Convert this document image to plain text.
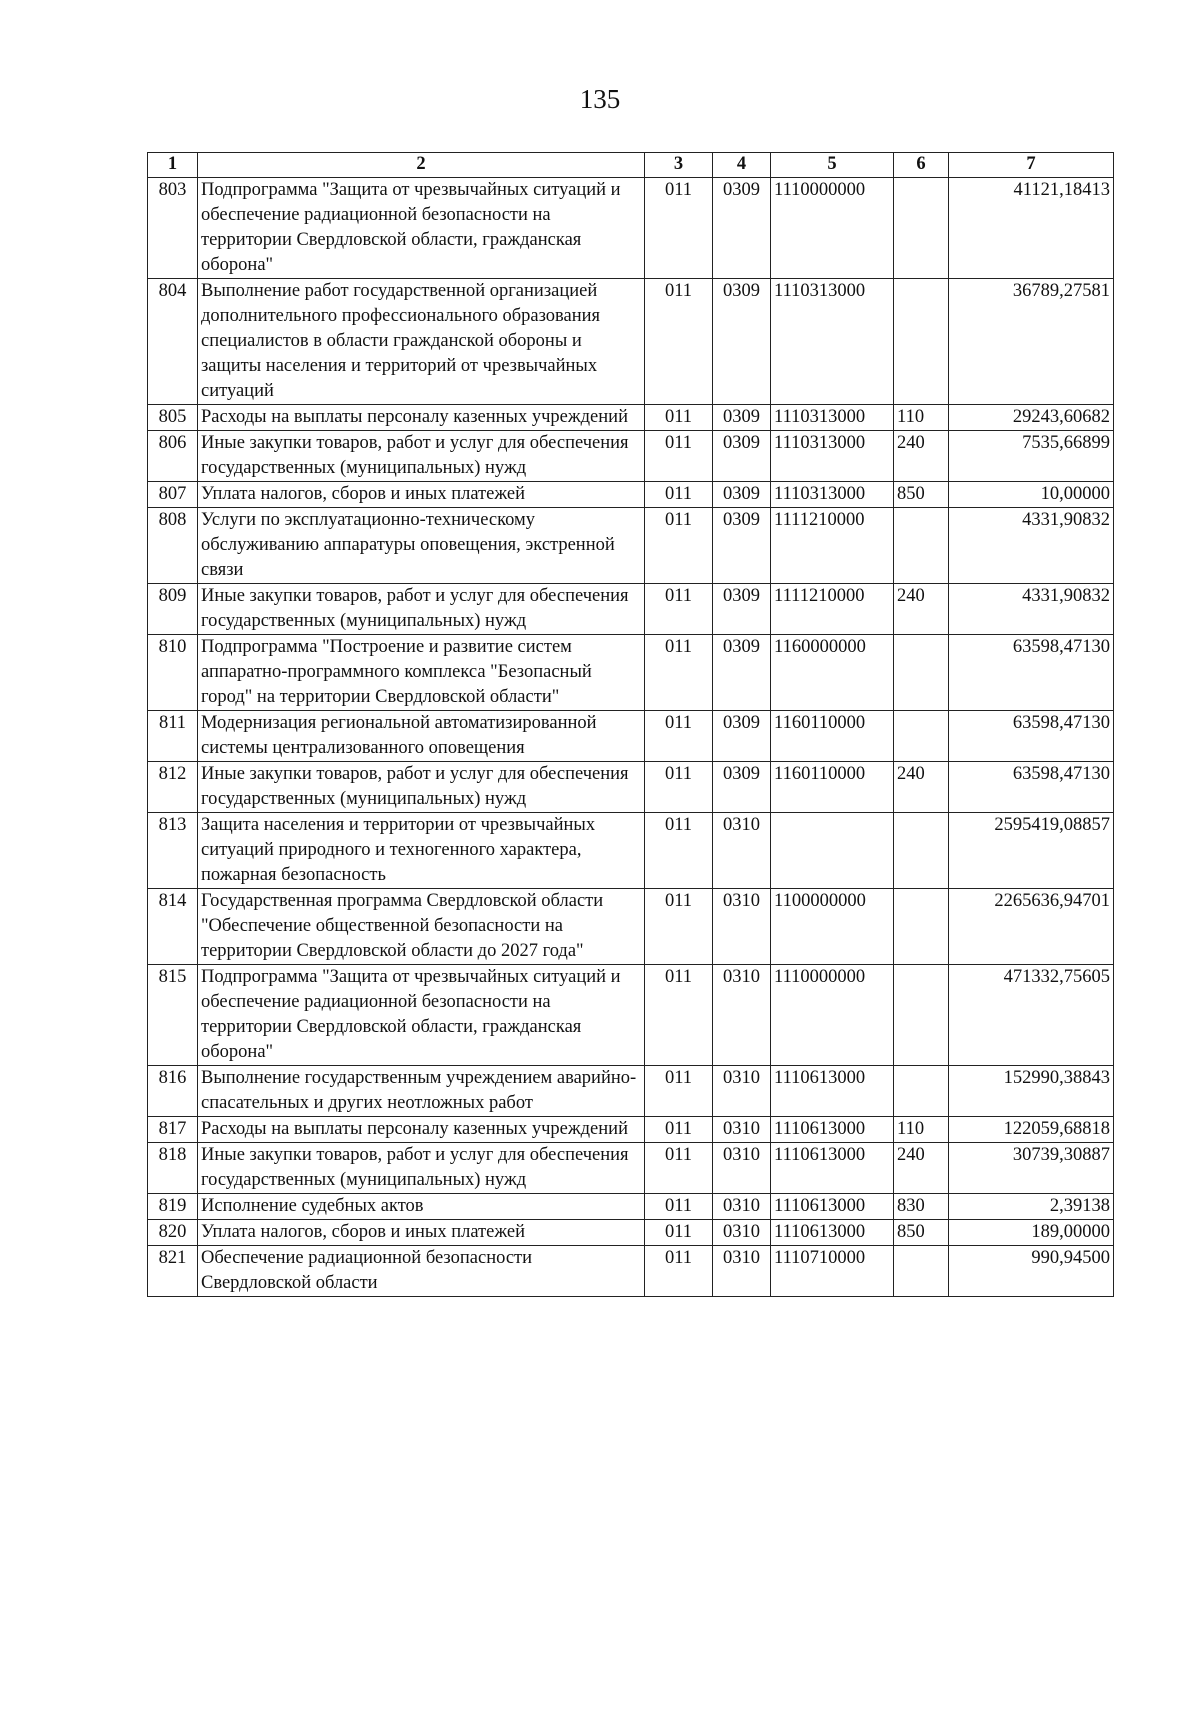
135
1	2	3	4	5	6	7
803	Подпрограмма "Защита от чрезвычайных ситуаций и обеспечение радиационной безопасности на территории Свердловской области, гражданская оборона"	011	0309	1110000000		41121,18413
804	Выполнение работ государственной организацией дополнительного профессионального образования специалистов в области гражданской обороны и защиты населения и территорий от чрезвычайных ситуаций	011	0309	1110313000		36789,27581
805	Расходы на выплаты персоналу казенных учреждений	011	0309	1110313000	110	29243,60682
806	Иные закупки товаров, работ и услуг для обеспечения государственных (муниципальных) нужд	011	0309	1110313000	240	7535,66899
807	Уплата налогов, сборов и иных платежей	011	0309	1110313000	850	10,00000
808	Услуги по эксплуатационно-техническому обслуживанию аппаратуры оповещения, экстренной связи	011	0309	1111210000		4331,90832
809	Иные закупки товаров, работ и услуг для обеспечения государственных (муниципальных) нужд	011	0309	1111210000	240	4331,90832
810	Подпрограмма "Построение и развитие систем аппаратно-программного комплекса "Безопасный город" на территории Свердловской области"	011	0309	1160000000		63598,47130
811	Модернизация региональной автоматизированной системы централизованного оповещения	011	0309	1160110000		63598,47130
812	Иные закупки товаров, работ и услуг для обеспечения государственных (муниципальных) нужд	011	0309	1160110000	240	63598,47130
813	Защита населения и территории от чрезвычайных ситуаций природного и техногенного характера, пожарная безопасность	011	0310			2595419,08857
814	Государственная программа Свердловской области "Обеспечение общественной безопасности на территории Свердловской области до 2027 года"	011	0310	1100000000		2265636,94701
815	Подпрограмма "Защита от чрезвычайных ситуаций и обеспечение радиационной безопасности на территории Свердловской области, гражданская оборона"	011	0310	1110000000		471332,75605
816	Выполнение государственным учреждением аварийно-спасательных и других неотложных работ	011	0310	1110613000		152990,38843
817	Расходы на выплаты персоналу казенных учреждений	011	0310	1110613000	110	122059,68818
818	Иные закупки товаров, работ и услуг для обеспечения государственных (муниципальных) нужд	011	0310	1110613000	240	30739,30887
819	Исполнение судебных актов	011	0310	1110613000	830	2,39138
820	Уплата налогов, сборов и иных платежей	011	0310	1110613000	850	189,00000
821	Обеспечение радиационной безопасности Свердловской области	011	0310	1110710000		990,94500
